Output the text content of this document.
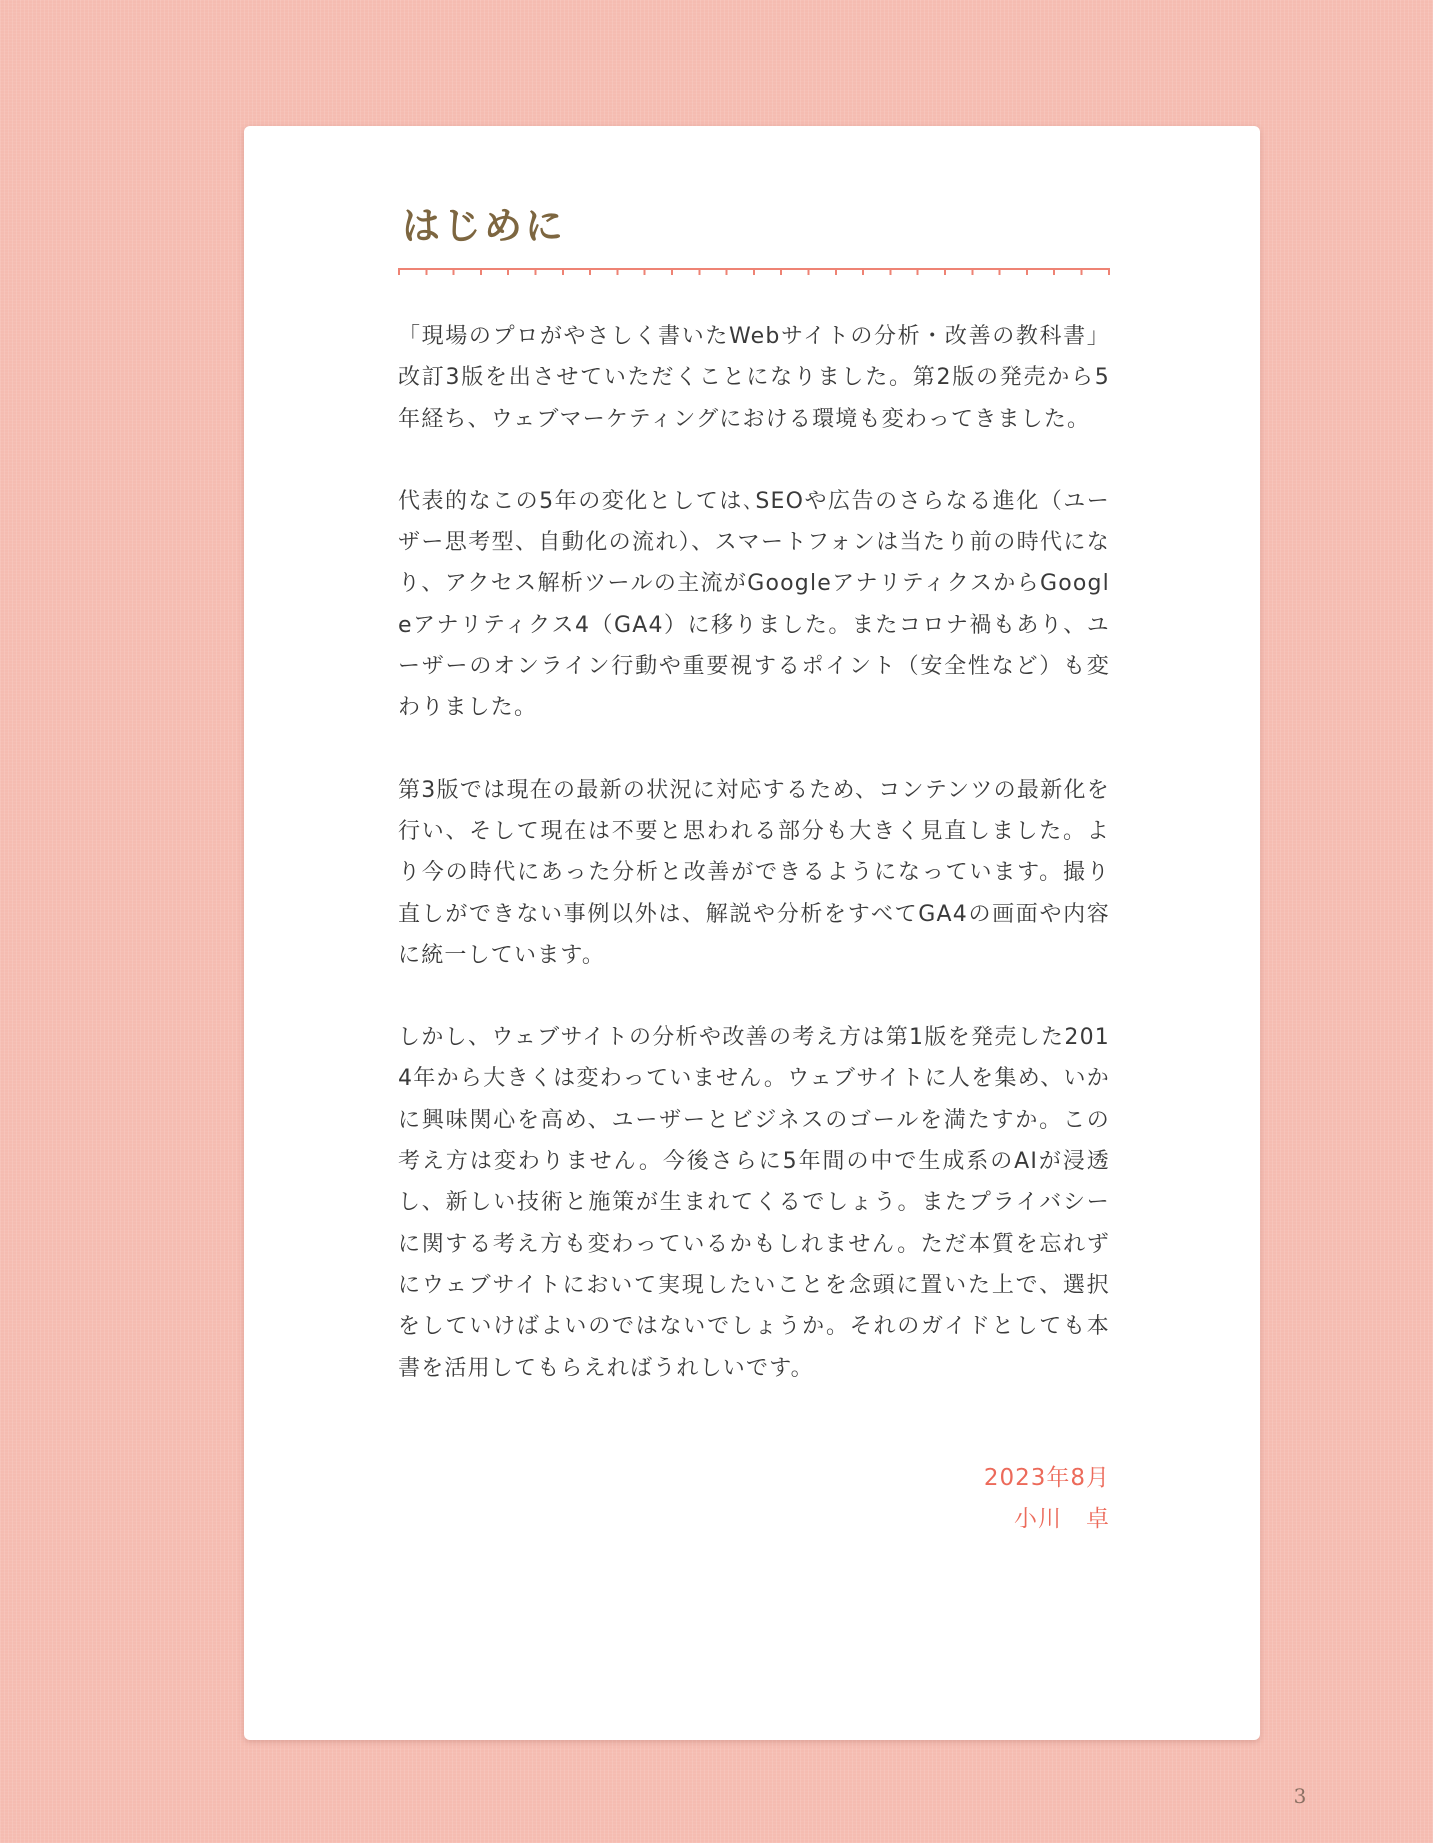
はじめに

「現場のプロがやさしく書いたWebサイトの分析・改善の教科書」改訂3版を出させていただくことになりました。第2版の発売から5年経ち、ウェブマーケティングにおける環境も変わってきました。

代表的なこの5年の変化としては､SEOや広告のさらなる進化（ユーザー思考型、自動化の流れ）、スマートフォンは当たり前の時代になり、アクセス解析ツールの主流がGoogleアナリティクスからGoogleアナリティクス4（GA4）に移りました。またコロナ禍もあり、ユーザーのオンライン行動や重要視するポイント（安全性など）も変わりました。

第3版では現在の最新の状況に対応するため、コンテンツの最新化を行い、そして現在は不要と思われる部分も大きく見直しました。より今の時代にあった分析と改善ができるようになっています。撮り直しができない事例以外は、解説や分析をすべてGA4の画面や内容に統一しています。

しかし、ウェブサイトの分析や改善の考え方は第1版を発売した2014年から大きくは変わっていません。ウェブサイトに人を集め、いかに興味関心を高め、ユーザーとビジネスのゴールを満たすか。この考え方は変わりません。今後さらに5年間の中で生成系のAIが浸透し、新しい技術と施策が生まれてくるでしょう。またプライバシーに関する考え方も変わっているかもしれません。ただ本質を忘れずにウェブサイトにおいて実現したいことを念頭に置いた上で、選択をしていけばよいのではないでしょうか。それのガイドとしても本書を活用してもらえればうれしいです。

2023年8月
小川　卓
3
